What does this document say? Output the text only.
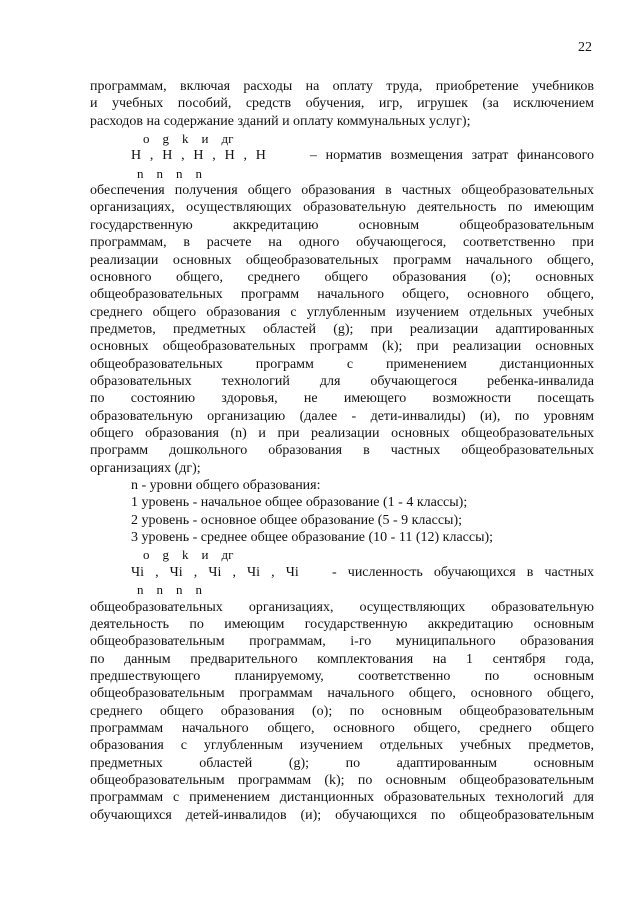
22
программам, включая расходы на оплату труда, приобретение учебников
и учебных пособий, средств обучения, игр, игрушек (за исключением
расходов на содержание зданий и оплату коммунальных услуг);
o    g    k    и    дг
Н , Н , Н , Н , Н     – норматив возмещения затрат финансового
n    n    n    n
обеспечения получения общего образования в частных общеобразовательных
организациях, осуществляющих образовательную деятельность по имеющим
государственную аккредитацию основным общеобразовательным
программам, в расчете на одного обучающегося, соответственно при
реализации основных общеобразовательных программ начального общего,
основного общего, среднего общего образования (o); основных
общеобразовательных программ начального общего, основного общего,
среднего общего образования с углубленным изучением отдельных учебных
предметов, предметных областей (g); при реализации адаптированных
основных общеобразовательных программ (k); при реализации основных
общеобразовательных программ с применением дистанционных
образовательных технологий для обучающегося ребенка-инвалида
по состоянию здоровья, не имеющего возможности посещать
образовательную организацию (далее - дети-инвалиды) (и), по уровням
общего образования (n) и при реализации основных общеобразовательных
программ дошкольного образования в частных общеобразовательных
организациях (дг);
n - уровни общего образования:
1 уровень - начальное общее образование (1 - 4 классы);
2 уровень - основное общее образование (5 - 9 классы);
3 уровень - среднее общее образование (10 - 11 (12) классы);
o    g    k    и    дг
Чi , Чi , Чi , Чi , Чi   - численность обучающихся в частных
n    n    n    n
общеобразовательных организациях, осуществляющих образовательную
деятельность по имеющим государственную аккредитацию основным
общеобразовательным программам, i-го муниципального образования
по данным предварительного комплектования на 1 сентября года,
предшествующего планируемому, соответственно по основным
общеобразовательным программам начального общего, основного общего,
среднего общего образования (o); по основным общеобразовательным
программам начального общего, основного общего, среднего общего
образования с углубленным изучением отдельных учебных предметов,
предметных областей (g); по адаптированным основным
общеобразовательным программам (k); по основным общеобразовательным
программам с применением дистанционных образовательных технологий для
обучающихся детей-инвалидов (и); обучающихся по общеобразовательным
